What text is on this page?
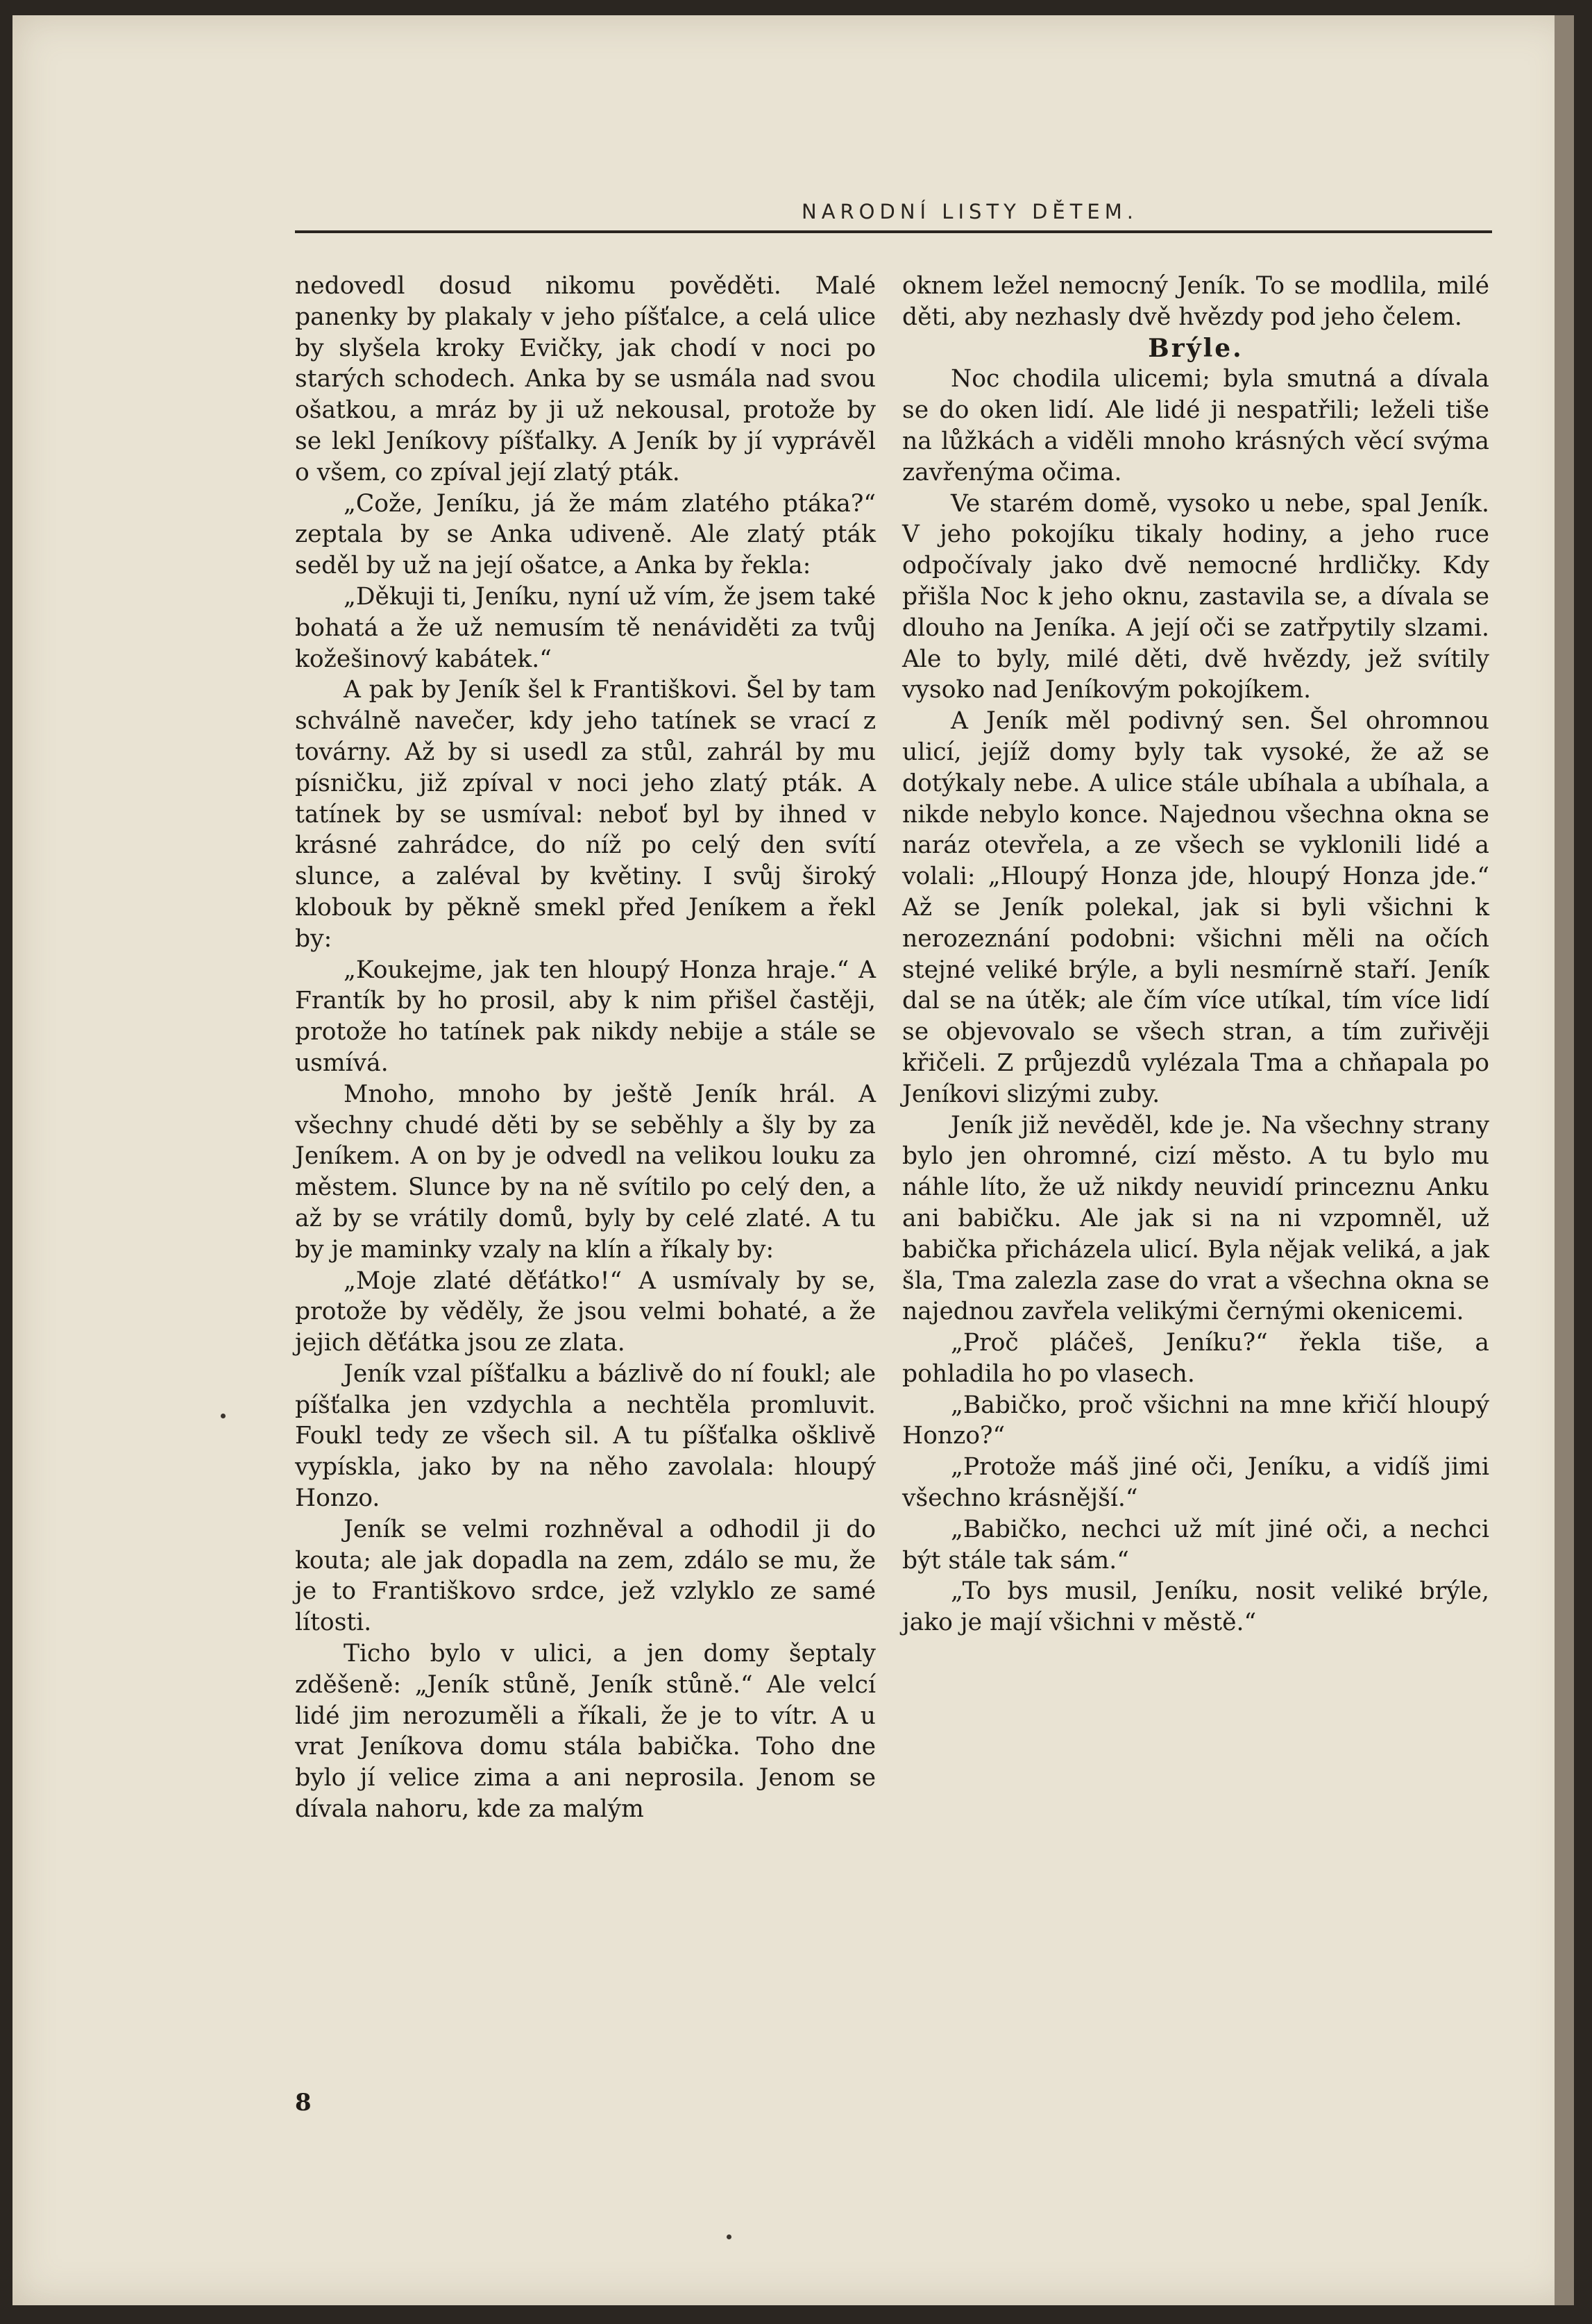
NARODNÍ LISTY DĚTEM.

nedovedl dosud nikomu pověděti. Malé panenky by plakaly v jeho píšťalce, a celá ulice by slyšela kroky Evičky, jak chodí v noci po starých schodech. Anka by se usmála nad svou ošatkou, a mráz by ji už nekousal, protože by se lekl Jeníkovy píšťalky. A Jeník by jí vyprávěl o všem, co zpíval její zlatý pták.

„Cože, Jeníku, já že mám zlatého ptáka?“ zeptala by se Anka udiveně. Ale zlatý pták seděl by už na její ošatce, a Anka by řekla:

„Děkuji ti, Jeníku, nyní už vím, že jsem také bohatá a že už nemusím tě nenáviděti za tvůj kožešinový kabátek.“

A pak by Jeník šel k Františkovi. Šel by tam schválně navečer, kdy jeho tatínek se vrací z továrny. Až by si usedl za stůl, zahrál by mu písničku, již zpíval v noci jeho zlatý pták. A tatínek by se usmíval: neboť byl by ihned v krásné zahrádce, do níž po celý den svítí slunce, a zaléval by květiny. I svůj široký klobouk by pěkně smekl před Jeníkem a řekl by:

„Koukejme, jak ten hloupý Honza hraje.“ A Frantík by ho prosil, aby k nim přišel častěji, protože ho tatínek pak nikdy nebije a stále se usmívá.

Mnoho, mnoho by ještě Jeník hrál. A všechny chudé děti by se seběhly a šly by za Jeníkem. A on by je odvedl na velikou louku za městem. Slunce by na ně svítilo po celý den, a až by se vrátily domů, byly by celé zlaté. A tu by je maminky vzaly na klín a říkaly by:

„Moje zlaté děťátko!“ A usmívaly by se, protože by věděly, že jsou velmi bohaté, a že jejich děťátka jsou ze zlata.

Jeník vzal píšťalku a bázlivě do ní foukl; ale píšťalka jen vzdychla a nechtěla promluvit. Foukl tedy ze všech sil. A tu píšťalka ošklivě vypískla, jako by na něho zavolala: hloupý Honzo.

Jeník se velmi rozhněval a odhodil ji do kouta; ale jak dopadla na zem, zdálo se mu, že je to Františkovo srdce, jež vzlyklo ze samé lítosti.

Ticho bylo v ulici, a jen domy šeptaly zděšeně: „Jeník stůně, Jeník stůně.“ Ale velcí lidé jim nerozuměli a říkali, že je to vítr. A u vrat Jeníkova domu stála babička. Toho dne bylo jí velice zima a ani neprosila. Jenom se dívala nahoru, kde za malým

oknem ležel nemocný Jeník. To se modlila, milé děti, aby nezhasly dvě hvězdy pod jeho čelem.

Brýle.

Noc chodila ulicemi; byla smutná a dívala se do oken lidí. Ale lidé ji nespatřili; leželi tiše na lůžkách a viděli mnoho krásných věcí svýma zavřenýma očima.

Ve starém domě, vysoko u nebe, spal Jeník. V jeho pokojíku tikaly hodiny, a jeho ruce odpočívaly jako dvě nemocné hrdličky. Kdy přišla Noc k jeho oknu, zastavila se, a dívala se dlouho na Jeníka. A její oči se zatřpytily slzami. Ale to byly, milé děti, dvě hvězdy, jež svítily vysoko nad Jeníkovým pokojíkem.

A Jeník měl podivný sen. Šel ohromnou ulicí, jejíž domy byly tak vysoké, že až se dotýkaly nebe. A ulice stále ubíhala a ubíhala, a nikde nebylo konce. Najednou všechna okna se naráz otevřela, a ze všech se vyklonili lidé a volali: „Hloupý Honza jde, hloupý Honza jde.“ Až se Jeník polekal, jak si byli všichni k nerozeznání podobni: všichni měli na očích stejné veliké brýle, a byli nesmírně staří. Jeník dal se na útěk; ale čím více utíkal, tím více lidí se objevovalo se všech stran, a tím zuřivěji křičeli. Z průjezdů vylézala Tma a chňapala po Jeníkovi slizými zuby.

Jeník již nevěděl, kde je. Na všechny strany bylo jen ohromné, cizí město. A tu bylo mu náhle líto, že už nikdy neuvidí princeznu Anku ani babičku. Ale jak si na ni vzpomněl, už babička přicházela ulicí. Byla nějak veliká, a jak šla, Tma zalezla zase do vrat a všechna okna se najednou zavřela velikými černými okenicemi.

„Proč pláčeš, Jeníku?“ řekla tiše, a pohladila ho po vlasech.

„Babičko, proč všichni na mne křičí hloupý Honzo?“

„Protože máš jiné oči, Jeníku, a vidíš jimi všechno krásnější.“

„Babičko, nechci už mít jiné oči, a nechci být stále tak sám.“

„To bys musil, Jeníku, nosit veliké brýle, jako je mají všichni v městě.“

8
